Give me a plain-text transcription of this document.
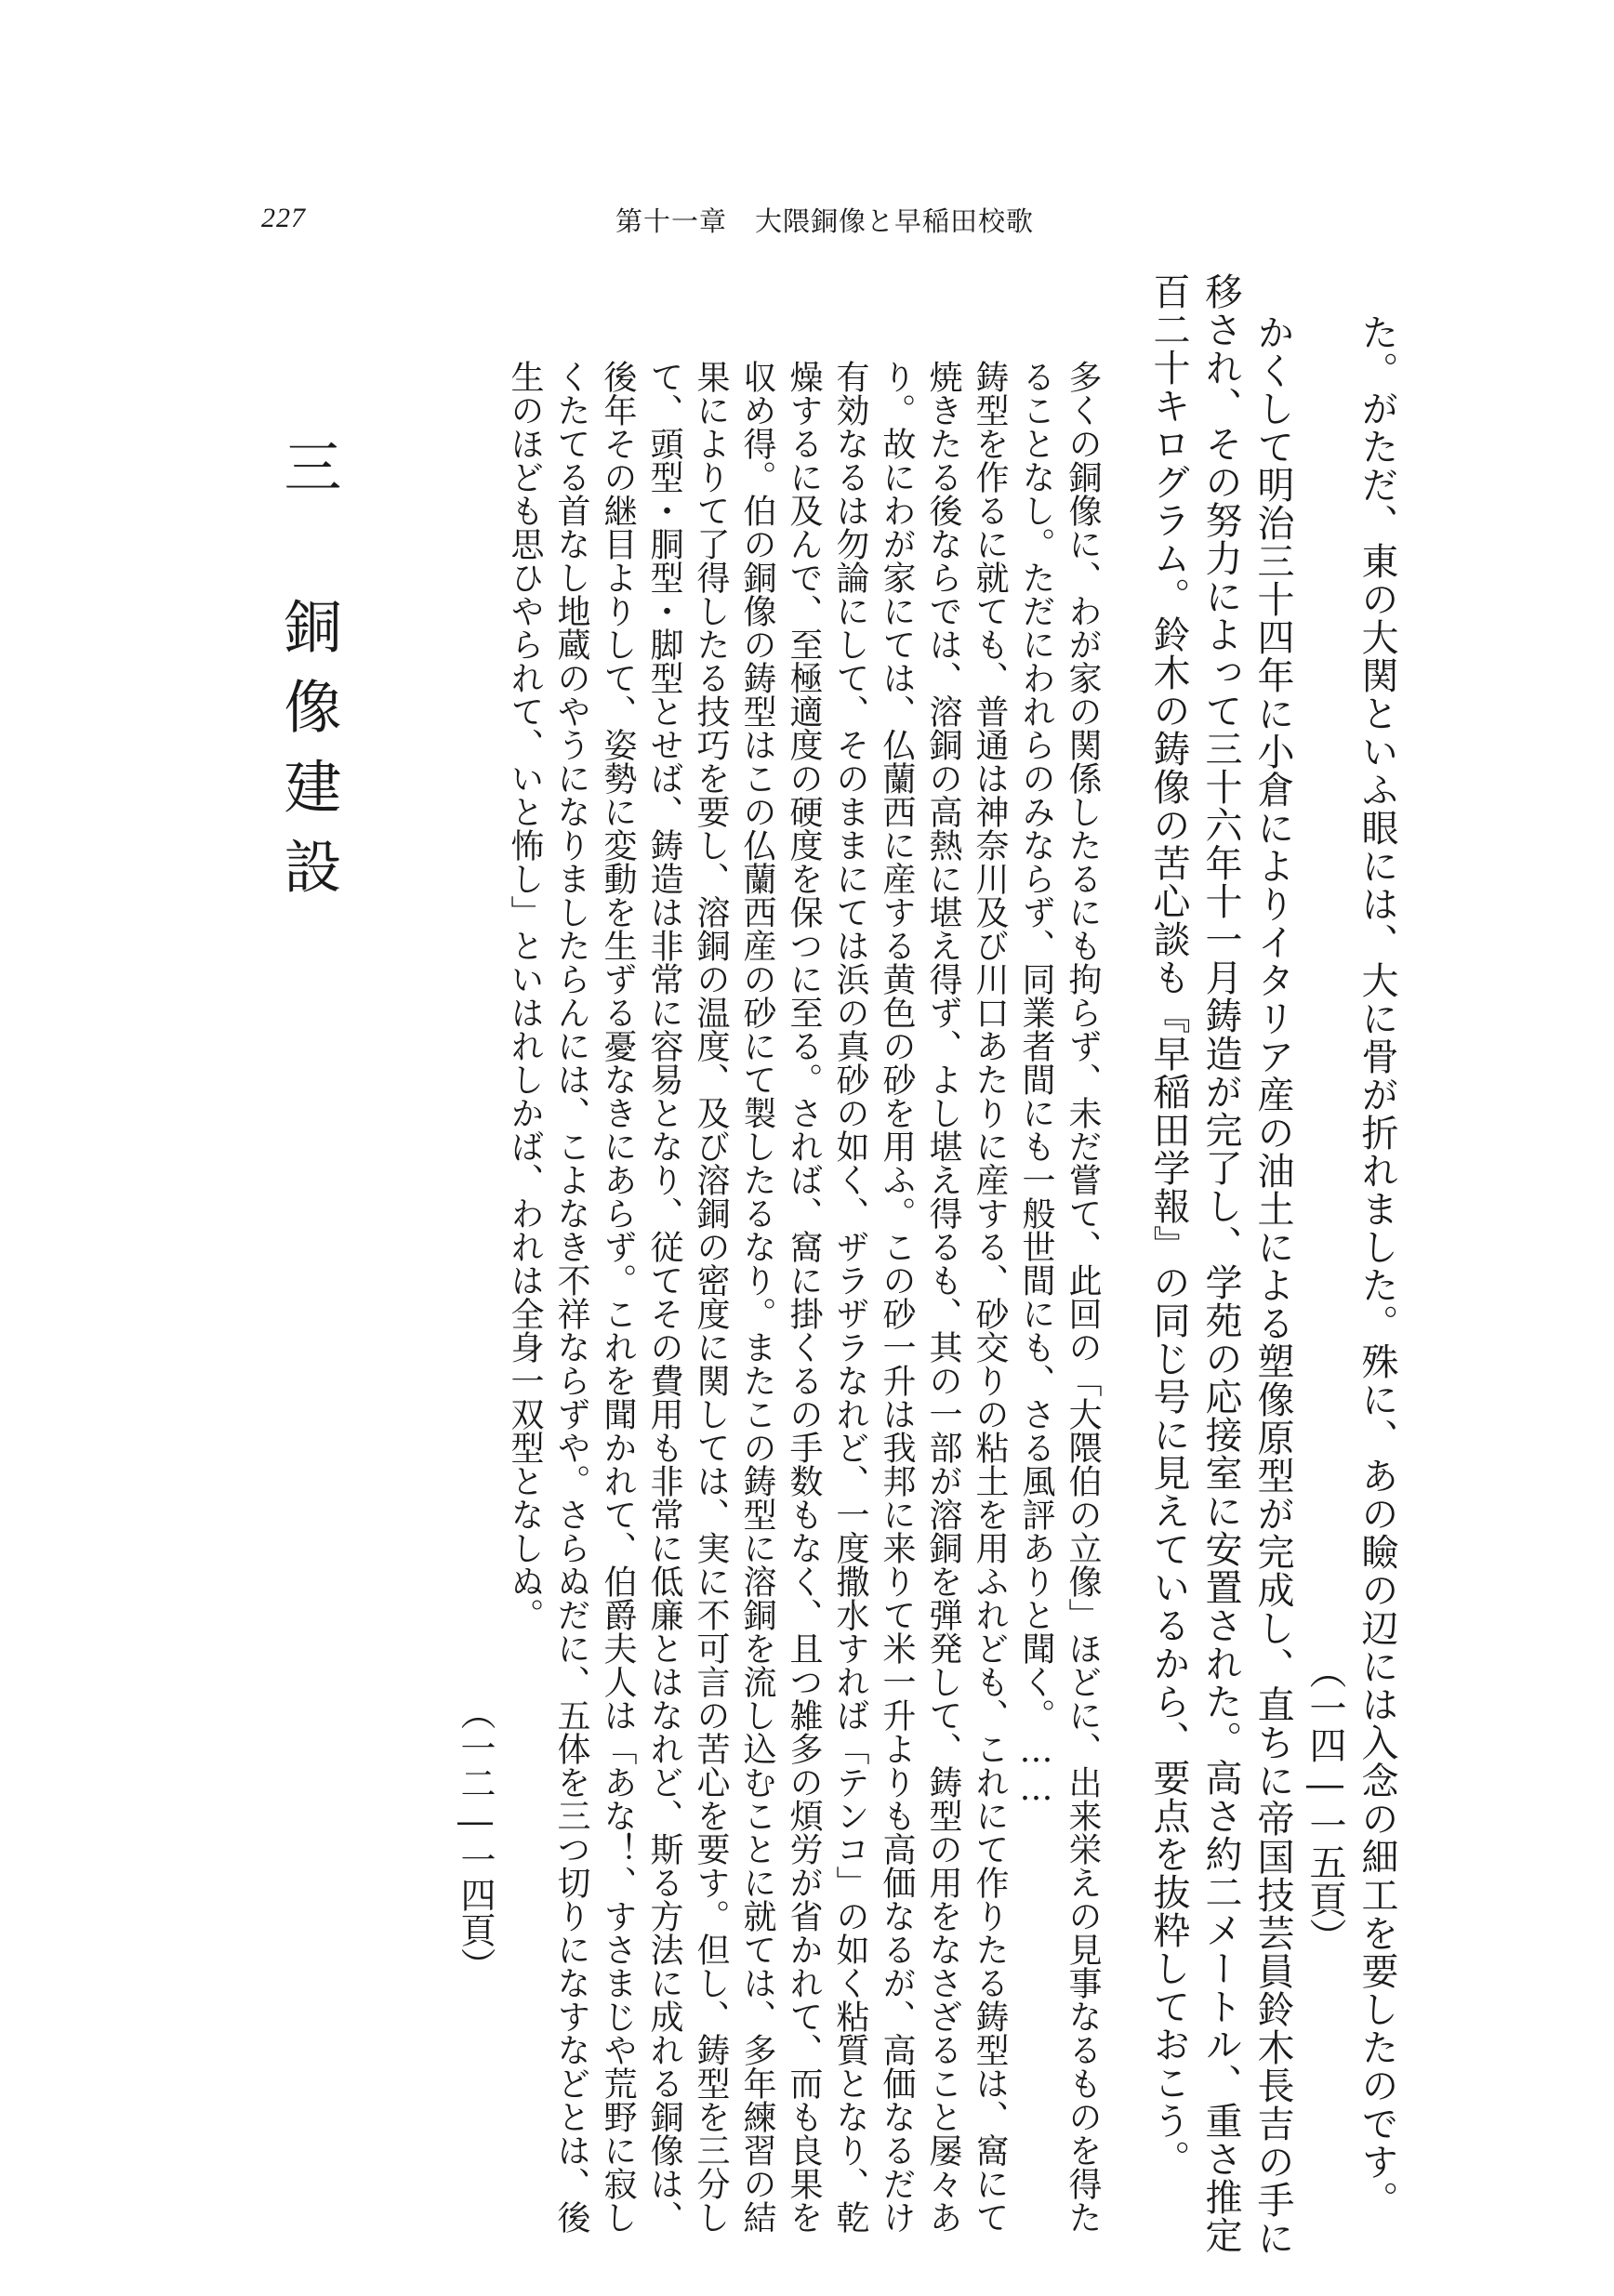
227	第十一章　大隈銅像と早稲田校歌
た。がただ、東の大関といふ眼には、大に骨が折れました。殊に、あの瞼の辺には入念の細工を要したのです。
（一四―一五頁）
かくして明治三十四年に小倉によりイタリア産の油土による塑像原型が完成し、直ちに帝国技芸員鈴木長吉の手に
移され、その努力によって三十六年十一月鋳造が完了し、学苑の応接室に安置された。高さ約二メートル、重さ推定
百二十キログラム。鈴木の鋳像の苦心談も『早稲田学報』の同じ号に見えているから、要点を抜粋しておこう。
多くの銅像に、わが家の関係したるにも拘らず、未だ嘗て、此回の「大隈伯の立像」ほどに、出来栄えの見事なるものを得た
ることなし。ただにわれらのみならず、同業者間にも一般世間にも、さる風評ありと聞く。……
鋳型を作るに就ても、普通は神奈川及び川口あたりに産する、砂交りの粘土を用ふれども、これにて作りたる鋳型は、窩にて
焼きたる後ならでは、溶銅の高熱に堪え得ず、よし堪え得るも、其の一部が溶銅を弾発して、鋳型の用をなさざること屡々あ
り。故にわが家にては、仏蘭西に産する黄色の砂を用ふ。この砂一升は我邦に来りて米一升よりも高価なるが、高価なるだけ
有効なるは勿論にして、そのままにては浜の真砂の如く、ザラザラなれど、一度撒水すれば「テンコ」の如く粘質となり、乾
燥するに及んで、至極適度の硬度を保つに至る。されば、窩に掛くるの手数もなく、且つ雑多の煩労が省かれて、而も良果を
収め得。伯の銅像の鋳型はこの仏蘭西産の砂にて製したるなり。またこの鋳型に溶銅を流し込むことに就ては、多年練習の結
果によりて了得したる技巧を要し、溶銅の温度、及び溶銅の密度に関しては、実に不可言の苦心を要す。但し、鋳型を三分し
て、頭型・胴型・脚型とせば、鋳造は非常に容易となり、従てその費用も非常に低廉とはなれど、斯る方法に成れる銅像は、
後年その継目よりして、姿勢に変動を生ずる憂なきにあらず。これを聞かれて、伯爵夫人は「あな！、すさまじや荒野に寂し
くたてる首なし地蔵のやうになりましたらんには、こよなき不祥ならずや。さらぬだに、五体を三つ切りになすなどとは、後
生のほども思ひやられて、いと怖し」といはれしかば、われは全身一双型となしぬ。
（一二―一四頁）
三　銅像建設
